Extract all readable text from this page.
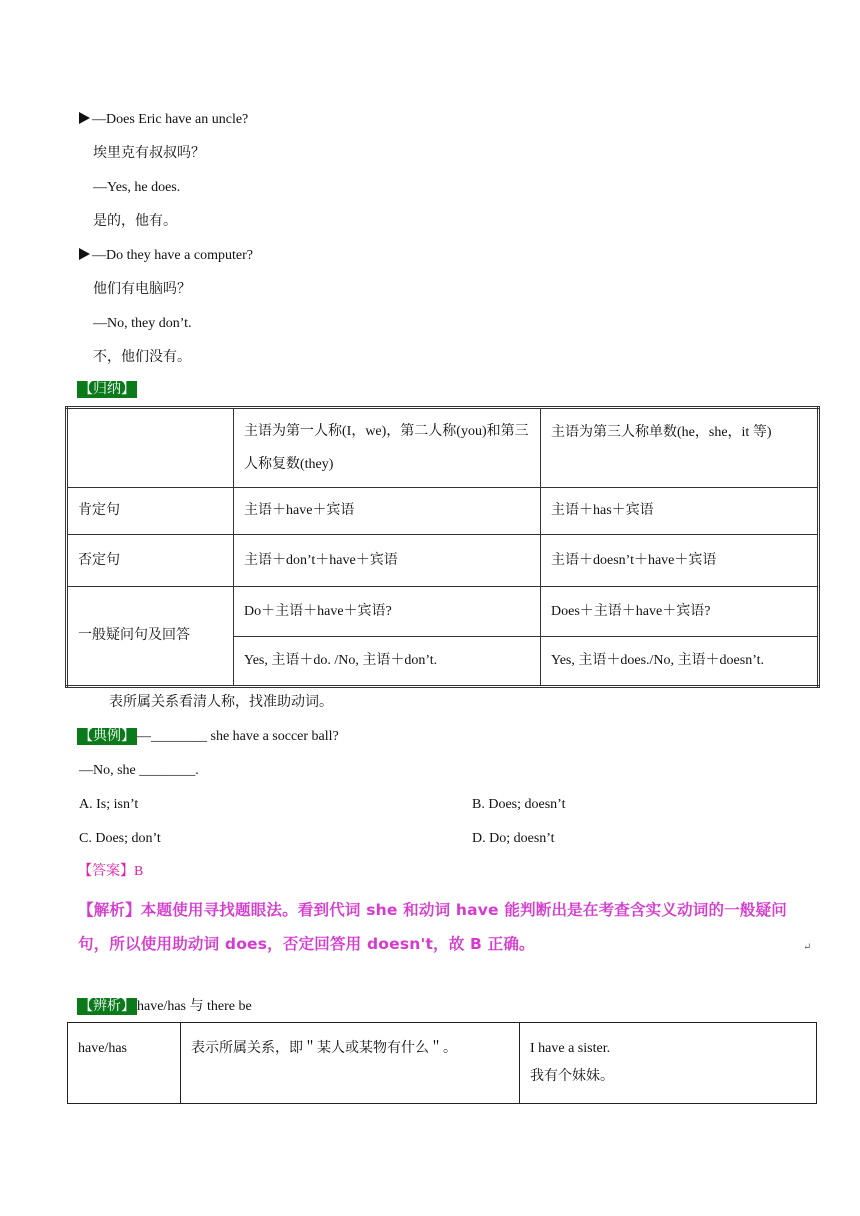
—Does Eric have an uncle?
埃里克有叔叔吗？
—Yes, he does.
是的，他有。
—Do they have a computer?
他们有电脑吗？
—No, they don’t.
不，他们没有。
【归纳】
	主语为第一人称(I，we)，第二人称(you)和第三人称复数(they)	主语为第三人称单数(he，she，it 等)
肯定句	主语＋have＋宾语	主语＋has＋宾语
否定句	主语＋don’t＋have＋宾语	主语＋doesn’t＋have＋宾语
一般疑问句及回答	Do＋主语＋have＋宾语?	Does＋主语＋have＋宾语?
	Yes, 主语＋do. /No, 主语＋don’t.	Yes, 主语＋does./No, 主语＋doesn’t.
表所属关系看清人称，找准助动词。
【典例】 —________ she have a soccer ball?
—No, she ________.
A. Is; isn’t	B. Does; doesn’t
C. Does; don’t	D. Do; doesn’t
【答案】B
【解析】本题使用寻找题眼法。看到代词 she 和动词 have 能判断出是在考查含实义动词的一般疑问句，所以使用助动词 does，否定回答用 doesn't，故 B 正确。	↵
【辨析】 have/has 与 there be
have/has	表示所属关系，即＂某人或某物有什么＂。	I have a sister.
我有个妹妹。
